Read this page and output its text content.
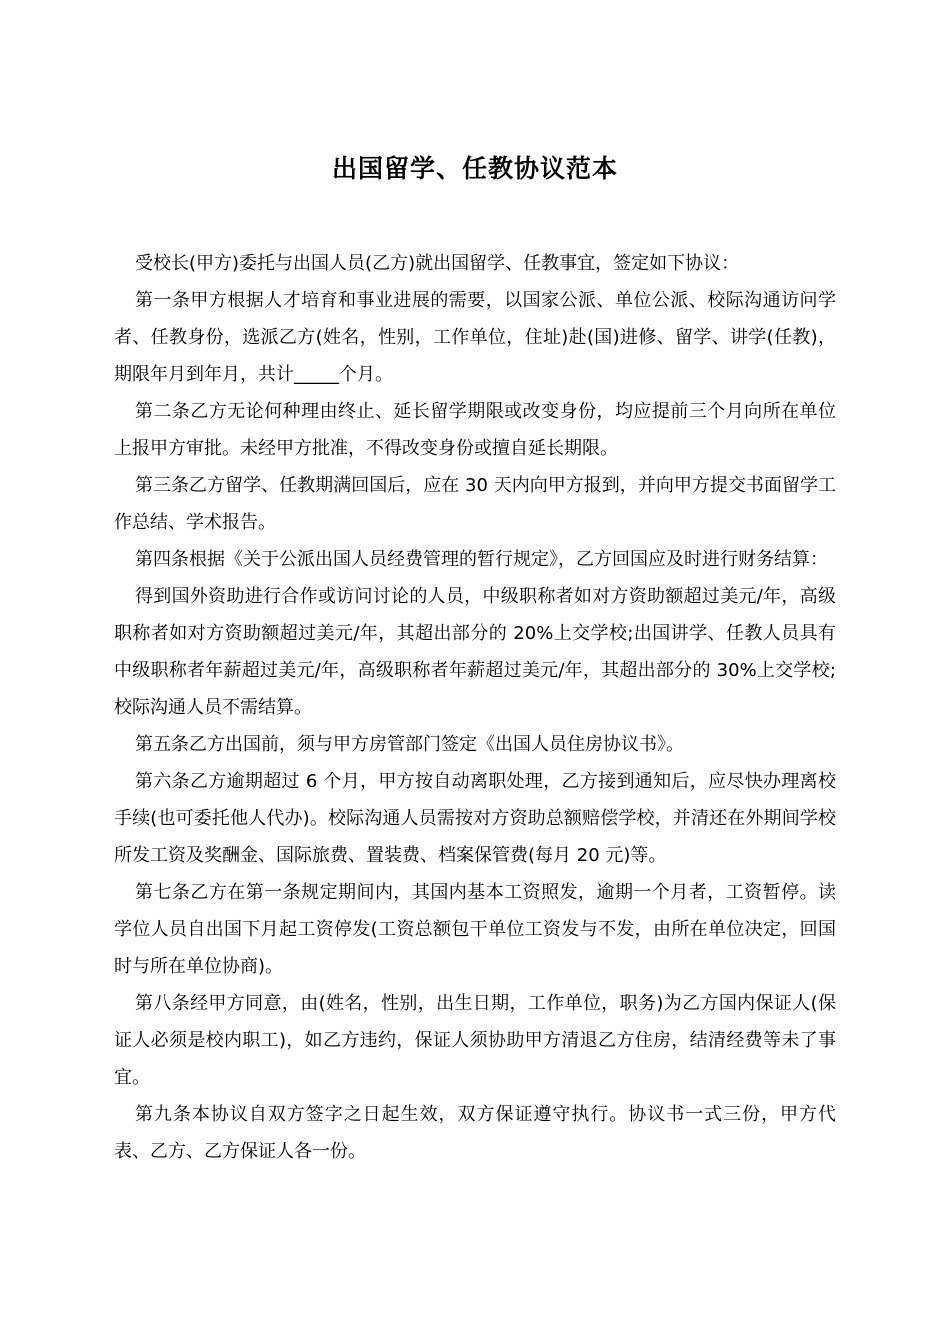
出国留学、任教协议范本

受校长(甲方)委托与出国人员(乙方)就出国留学、任教事宜，签定如下协议：

第一条甲方根据人才培育和事业进展的需要，以国家公派、单位公派、校际沟通访问学者、任教身份，选派乙方(姓名，性别，工作单位，住址)赴(国)进修、留学、讲学(任教)，期限年月到年月，共计_____个月。

第二条乙方无论何种理由终止、延长留学期限或改变身份，均应提前三个月向所在单位上报甲方审批。未经甲方批准，不得改变身份或擅自延长期限。

第三条乙方留学、任教期满回国后，应在 30 天内向甲方报到，并向甲方提交书面留学工作总结、学术报告。

第四条根据《关于公派出国人员经费管理的暂行规定》，乙方回国应及时进行财务结算：

得到国外资助进行合作或访问讨论的人员，中级职称者如对方资助额超过美元/年，高级职称者如对方资助额超过美元/年，其超出部分的 20%上交学校;出国讲学、任教人员具有中级职称者年薪超过美元/年，高级职称者年薪超过美元/年，其超出部分的 30%上交学校;校际沟通人员不需结算。

第五条乙方出国前，须与甲方房管部门签定《出国人员住房协议书》。

第六条乙方逾期超过 6 个月，甲方按自动离职处理，乙方接到通知后，应尽快办理离校手续(也可委托他人代办)。校际沟通人员需按对方资助总额赔偿学校，并清还在外期间学校所发工资及奖酬金、国际旅费、置装费、档案保管费(每月 20 元)等。

第七条乙方在第一条规定期间内，其国内基本工资照发，逾期一个月者，工资暂停。读学位人员自出国下月起工资停发(工资总额包干单位工资发与不发，由所在单位决定，回国时与所在单位协商)。

第八条经甲方同意，由(姓名，性别，出生日期，工作单位，职务)为乙方国内保证人(保证人必须是校内职工)，如乙方违约，保证人须协助甲方清退乙方住房，结清经费等未了事宜。

第九条本协议自双方签字之日起生效，双方保证遵守执行。协议书一式三份，甲方代表、乙方、乙方保证人各一份。
